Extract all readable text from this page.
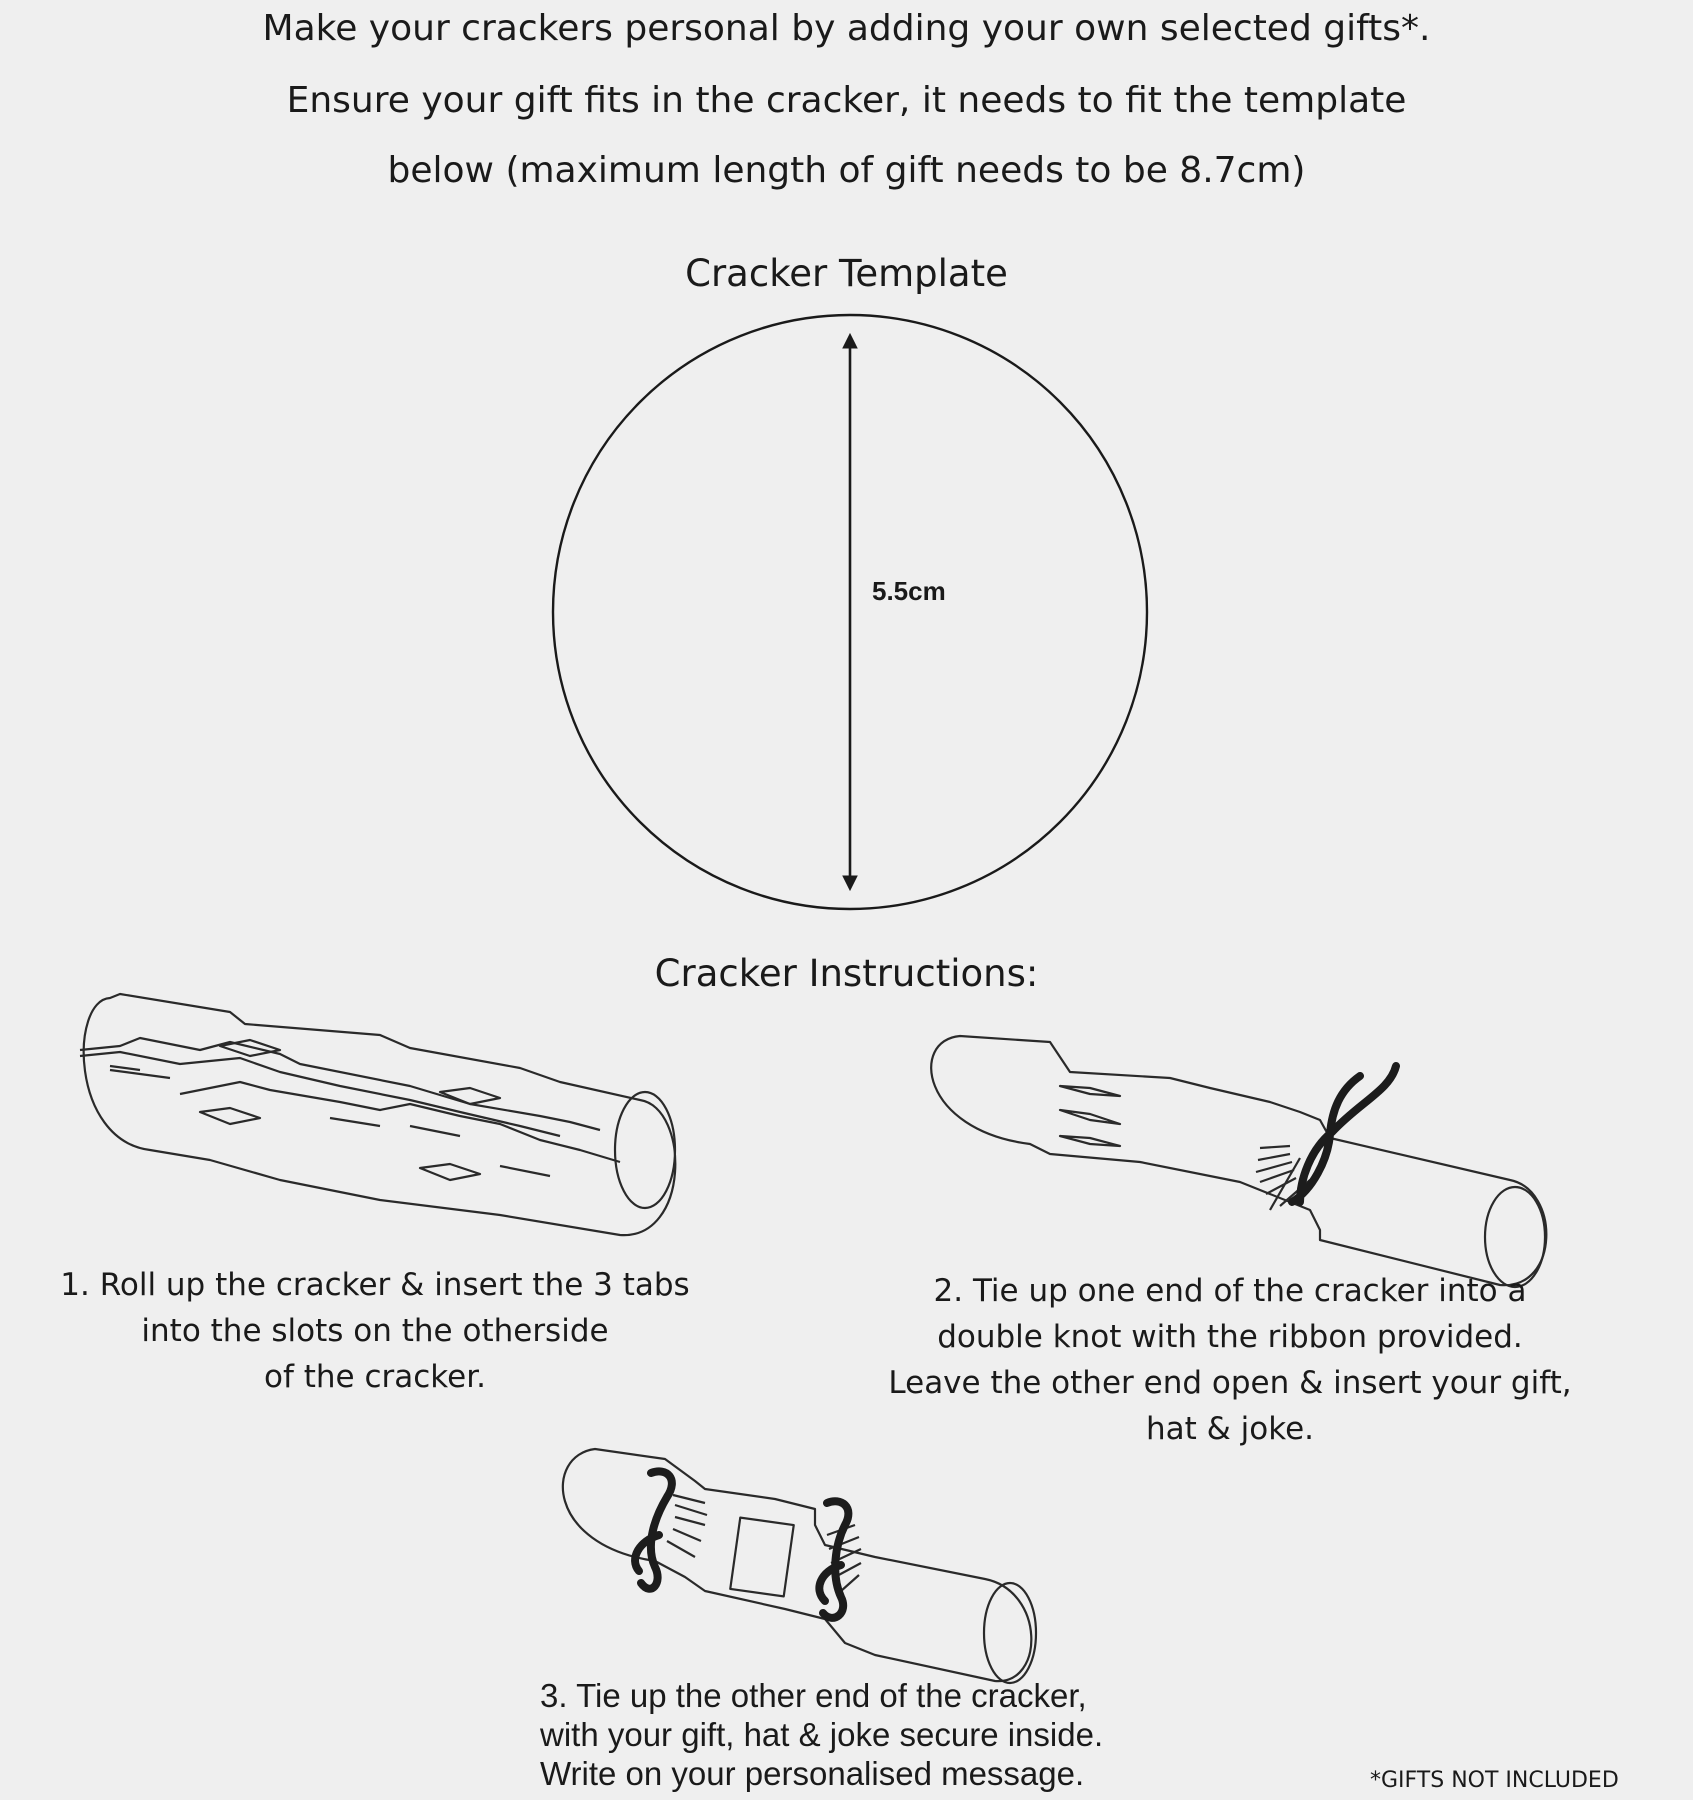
Make your crackers personal by adding your own selected gifts*.
Ensure your gift fits in the cracker, it needs to fit the template
below (maximum length of gift needs to be 8.7cm)
Cracker Template
5.5cm
Cracker Instructions:
1. Roll up the cracker & insert the 3 tabs
into the slots on the otherside
of the cracker.
2. Tie up one end of the cracker into a
double knot with the ribbon provided.
Leave the other end open & insert your gift,
hat & joke.
3. Tie up the other end of the cracker,
with your gift, hat & joke secure inside.
Write on your personalised message.	*GIFTS NOT INCLUDED
